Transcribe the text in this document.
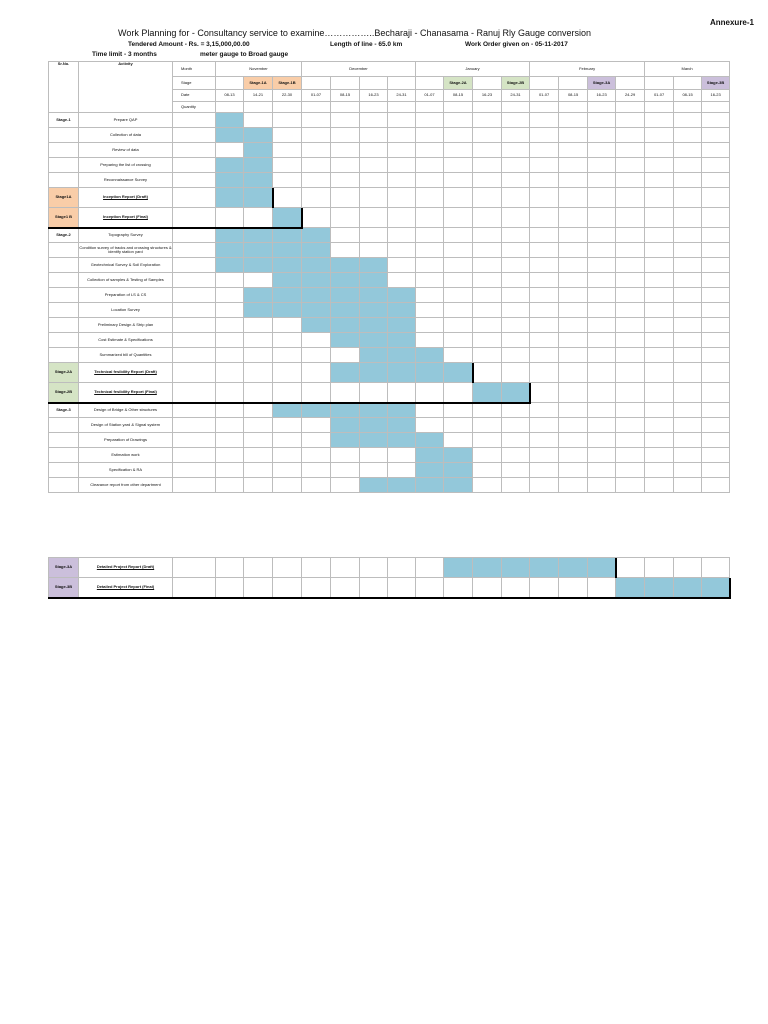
Annexure-1
Work Planning for - Consultancy service to examine……………..Becharaji - Chanasama - Ranuj Rly Gauge conversion
Tendered Amount - Rs. = 3,15,000,00.00	Length of line - 65.0 km	Work Order given on - 05-11-2017
Time limit - 3 months	meter gauge to Broad gauge
Sr.No.	Activity	Month	November			December				January				February				March		
		Stage		Stage-1A	Stage-1B						Stage-2A		Stage-2B			Stage-3A				Stage-3B
		Date	08-13	14-21	22-30	01-07	08-15	16-23	24-31	01-07	08-15	16-23	24-31	01-07	08-15	16-23	24-29	01-07	08-15	16-23
		Quantity																		
Stage-1	Prepare QAP																			
	Collection of data																			
	Review of data																			
	Preparing the list of crossing																			
	Reconnaissance Survey																			
Stage1A	Inception Report (Draft)																			
Stage1 B	Inception Report (Final)																			
Stage-2	Topography Survey																			
	Condition survey of tracks and crossing structures & identify station yard																			
	Geotechnical Survey & Soil Exploration																			
	Collection of samples & Testing of Samples																			
	Preparation of LS & CS																			
	Location Survey																			
	Preliminary Design & Strip plan																			
	Cost Estimate & Specifications																			
	Summarized bill of Quantities																			
Stage-2A	Technical fesibility Report (Draft)																			
Stage-2B	Technical fesibility Report (Final)																			
Stage-3	Design of Bridge & Other structures																			
	Design of Station yard & Signal system																			
	Preparation of Drawings																			
	Estimation work																			
	Specification & RA																			
	Clearance report from other department																			
Stage-3A	Detailed Project Report (Draft)																			
Stage-3B	Detailed Project Report (Final)																			
